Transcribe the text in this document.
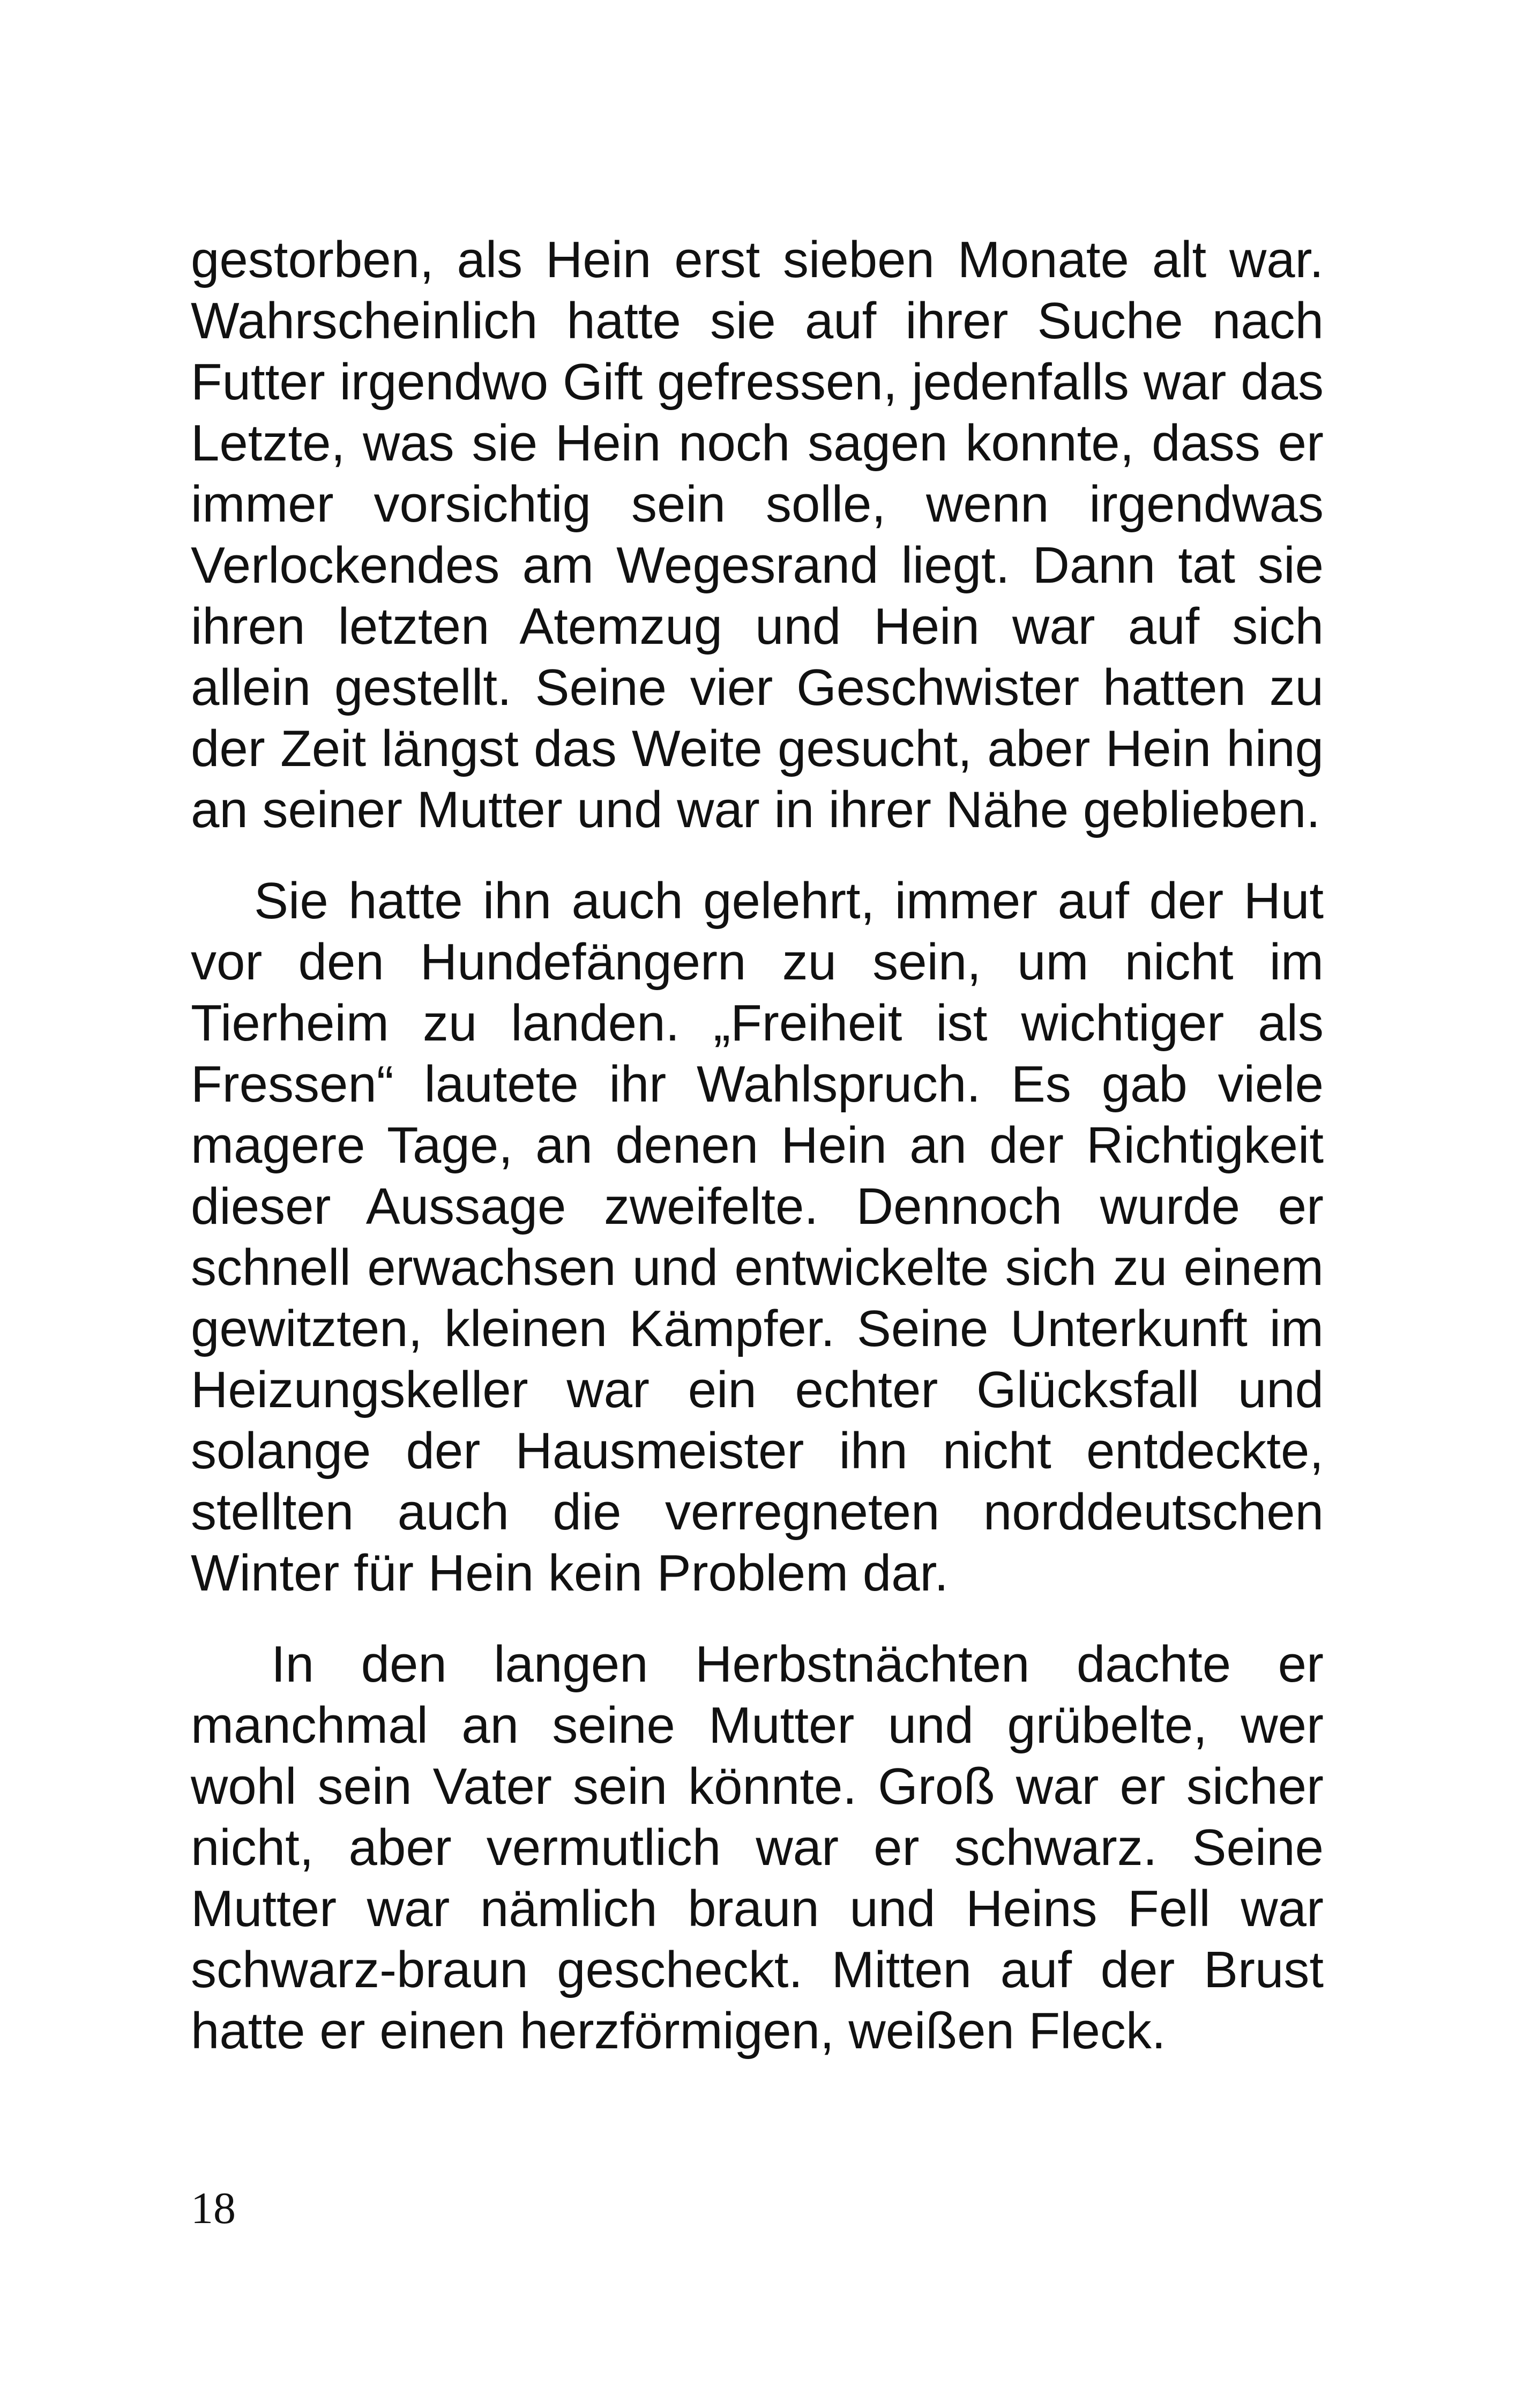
gestorben, als Hein erst sieben Monate alt war. Wahrscheinlich hatte sie auf ihrer Suche nach Futter irgendwo Gift gefressen, jedenfalls war das Letzte, was sie Hein noch sagen konnte, dass er immer vorsichtig sein solle, wenn irgendwas Verlockendes am Wegesrand liegt. Dann tat sie ihren letzten Atemzug und Hein war auf sich allein gestellt. Seine vier Geschwister hatten zu der Zeit längst das Weite gesucht, aber Hein hing an seiner Mutter und war in ihrer Nähe geblieben.

Sie hatte ihn auch gelehrt, immer auf der Hut vor den Hundefängern zu sein, um nicht im Tierheim zu landen. „Freiheit ist wichtiger als Fressen“ lautete ihr Wahlspruch. Es gab viele magere Tage, an denen Hein an der Richtigkeit dieser Aussage zweifelte. Dennoch wurde er schnell erwachsen und entwickelte sich zu einem gewitzten, kleinen Kämpfer. Seine Unterkunft im Heizungskeller war ein echter Glücksfall und solange der Hausmeister ihn nicht entdeckte, stellten auch die verregneten norddeutschen Winter für Hein kein Problem dar.

In den langen Herbstnächten dachte er manchmal an seine Mutter und grübelte, wer wohl sein Vater sein könnte. Groß war er sicher nicht, aber vermutlich war er schwarz. Seine Mutter war nämlich braun und Heins Fell war schwarz-braun gescheckt. Mitten auf der Brust hatte er einen herzförmigen, weißen Fleck.

18
